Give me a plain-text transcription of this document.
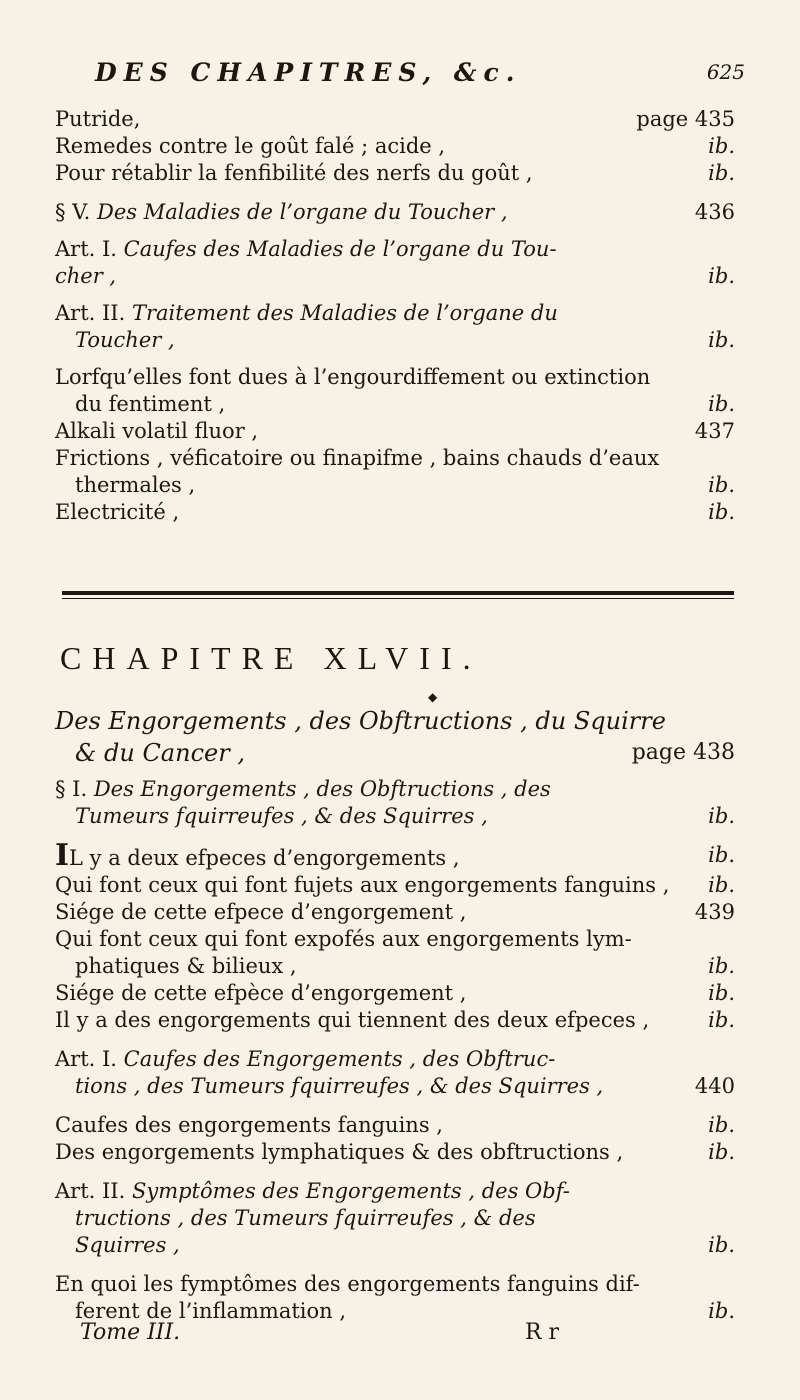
DES CHAPITRES, &c.	625
Putride,	page 435
Remedes contre le goût falé ; acide ,	ib.
Pour rétablir la fenfibilité des nerfs du goût ,	ib.
§ V. Des Maladies de l’organe du Toucher ,	436
Art. I. Caufes des Maladies de l’organe du Tou-
cher ,	ib.
Art. II. Traitement des Maladies de l’organe du
Toucher ,	ib.
Lorfqu’elles font dues à l’engourdiffement ou extinction
du fentiment ,	ib.
Alkali volatil fluor ,	437
Frictions , véficatoire ou finapifme , bains chauds d’eaux
thermales ,	ib.
Electricité ,	ib.
CHAPITRE XLVII.
◆
Des Engorgements , des Obftructions , du Squirre
& du Cancer ,	page 438
§ I. Des Engorgements , des Obftructions , des
Tumeurs fquirreufes , & des Squirres ,	ib.
IL y a deux efpeces d’engorgements ,	ib.
Qui font ceux qui font fujets aux engorgements fanguins , ib.
Siége de cette efpece d’engorgement ,	439
Qui font ceux qui font expofés aux engorgements lym-
phatiques & bilieux ,	ib.
Siége de cette efpèce d’engorgement ,	ib.
Il y a des engorgements qui tiennent des deux efpeces ,	ib.
Art. I. Caufes des Engorgements , des Obftruc-
tions , des Tumeurs fquirreufes , & des Squirres ,	440
Caufes des engorgements fanguins ,	ib.
Des engorgements lymphatiques & des obftructions ,	ib.
Art. II. Symptômes des Engorgements , des Obf-
tructions , des Tumeurs fquirreufes , & des
Squirres ,	ib.
En quoi les fymptômes des engorgements fanguins dif-
ferent de l’inflammation ,	ib.
Tome III.	R r
